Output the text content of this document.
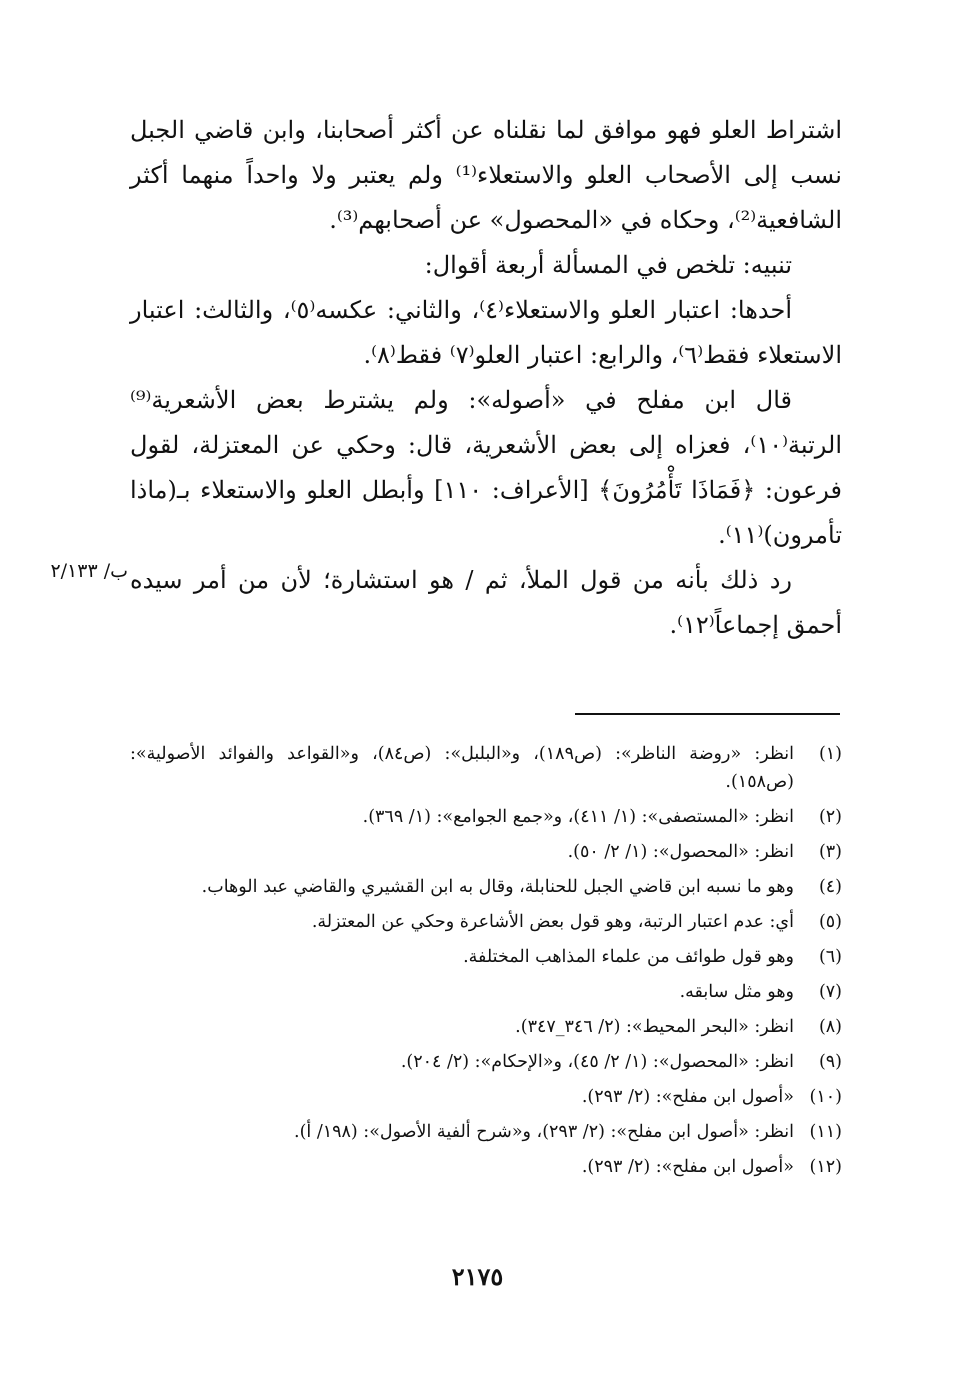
اشتراط العلو فهو موافق لما نقلناه عن أكثر أصحابنا، وابن قاضي الجبل نسب إلى الأصحاب العلو والاستعلاء⁽¹⁾ ولم يعتبر ولا واحداً منهما أكثر الشافعية⁽²⁾، وحكاه في «المحصول» عن أصحابهم⁽³⁾.

تنبيه: تلخص في المسألة أربعة أقوال:

أحدها: اعتبار العلو والاستعلاء⁽٤⁾، والثاني: عكسه⁽٥⁾، والثالث: اعتبار الاستعلاء فقط⁽٦⁾، والرابع: اعتبار العلو⁽٧⁾ فقط⁽٨⁾.

قال ابن مفلح في «أصوله»: ولم يشترط بعض الأشعرية⁽⁹⁾ الرتبة⁽١٠⁾، فعزاه إلى بعض الأشعرية، قال: وحكي عن المعتزلة، لقول فرعون: ﴿فَمَاذَا تَأْمُرُونَ﴾ [الأعراف: ١١٠] وأبطل العلو والاستعلاء بـ(ماذا تأمرون)⁽١١⁾.

رد ذلك بأنه من قول الملأ، ثم / هو استشارة؛ لأن من أمر سيده أحمق إجماعاً⁽١٢⁾.

ب/ ٢/١٣٣
(١)
انظر: «روضة الناظر»: (ص١٨٩)، و«البلبل»: (ص٨٤)، و«القواعد والفوائد الأصولية»: (ص١٥٨).
(٢)
انظر: «المستصفى»: (١/ ٤١١)، و«جمع الجوامع»: (١/ ٣٦٩).
(٣)
انظر: «المحصول»: (١/ ٢/ ٥٠).
(٤)
وهو ما نسبه ابن قاضي الجبل للحنابلة، وقال به ابن القشيري والقاضي عبد الوهاب.
(٥)
أي: عدم اعتبار الرتبة، وهو قول بعض الأشاعرة وحكي عن المعتزلة.
(٦)
وهو قول طوائف من علماء المذاهب المختلفة.
(٧)
وهو مثل سابقه.
(٨)
انظر: «البحر المحيط»: (٢/ ٣٤٦_٣٤٧).
(٩)
انظر: «المحصول»: (١/ ٢/ ٤٥)، و«الإحكام»: (٢/ ٢٠٤).
(١٠)
«أصول ابن مفلح»: (٢/ ٢٩٣).
(١١)
انظر: «أصول ابن مفلح»: (٢/ ٢٩٣)، و«شرح ألفية الأصول»: (١٩٨/ أ).
(١٢)
«أصول ابن مفلح»: (٢/ ٢٩٣).
٢١٧٥
